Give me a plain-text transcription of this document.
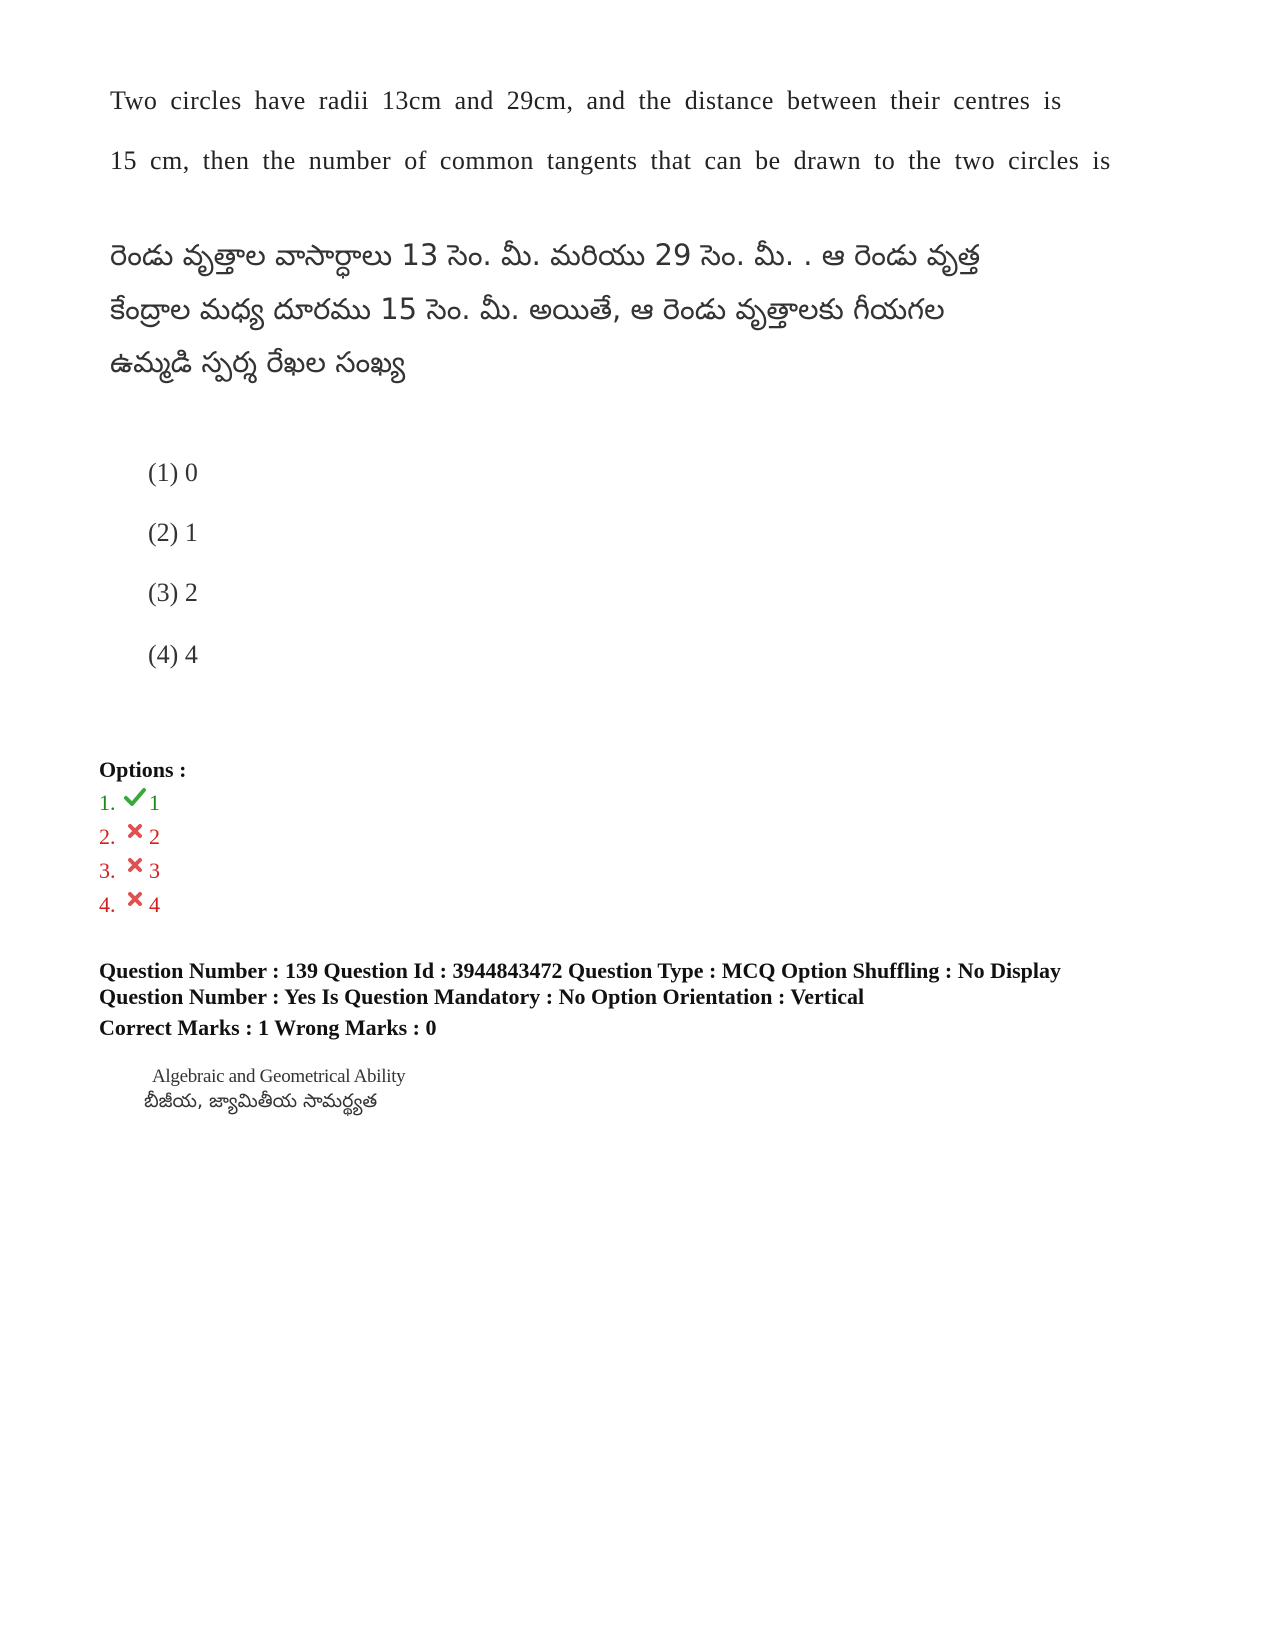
Two circles have radii 13cm and 29cm, and the distance between their centres is
15 cm, then the number of common tangents that can be drawn to the two circles is
రెండు వృత్తాల వాసార్ధాలు 13 సెం. మీ. మరియు 29 సెం. మీ. . ఆ రెండు వృత్త
కేంద్రాల మధ్య దూరము 15 సెం. మీ. అయితే, ఆ రెండు వృత్తాలకు గీయగల
ఉమ్మడి స్పర్శ రేఖల సంఖ్య
(1) 0
(2) 1
(3) 2
(4) 4
Options :
1.	1
2.	2
3.	3
4.	4
Question Number : 139 Question Id : 3944843472 Question Type : MCQ Option Shuffling : No Display
Question Number : Yes Is Question Mandatory : No Option Orientation : Vertical
Correct Marks : 1 Wrong Marks : 0
Algebraic and Geometrical Ability
బీజీయ, జ్యామితీయ సామర్థ్యత
